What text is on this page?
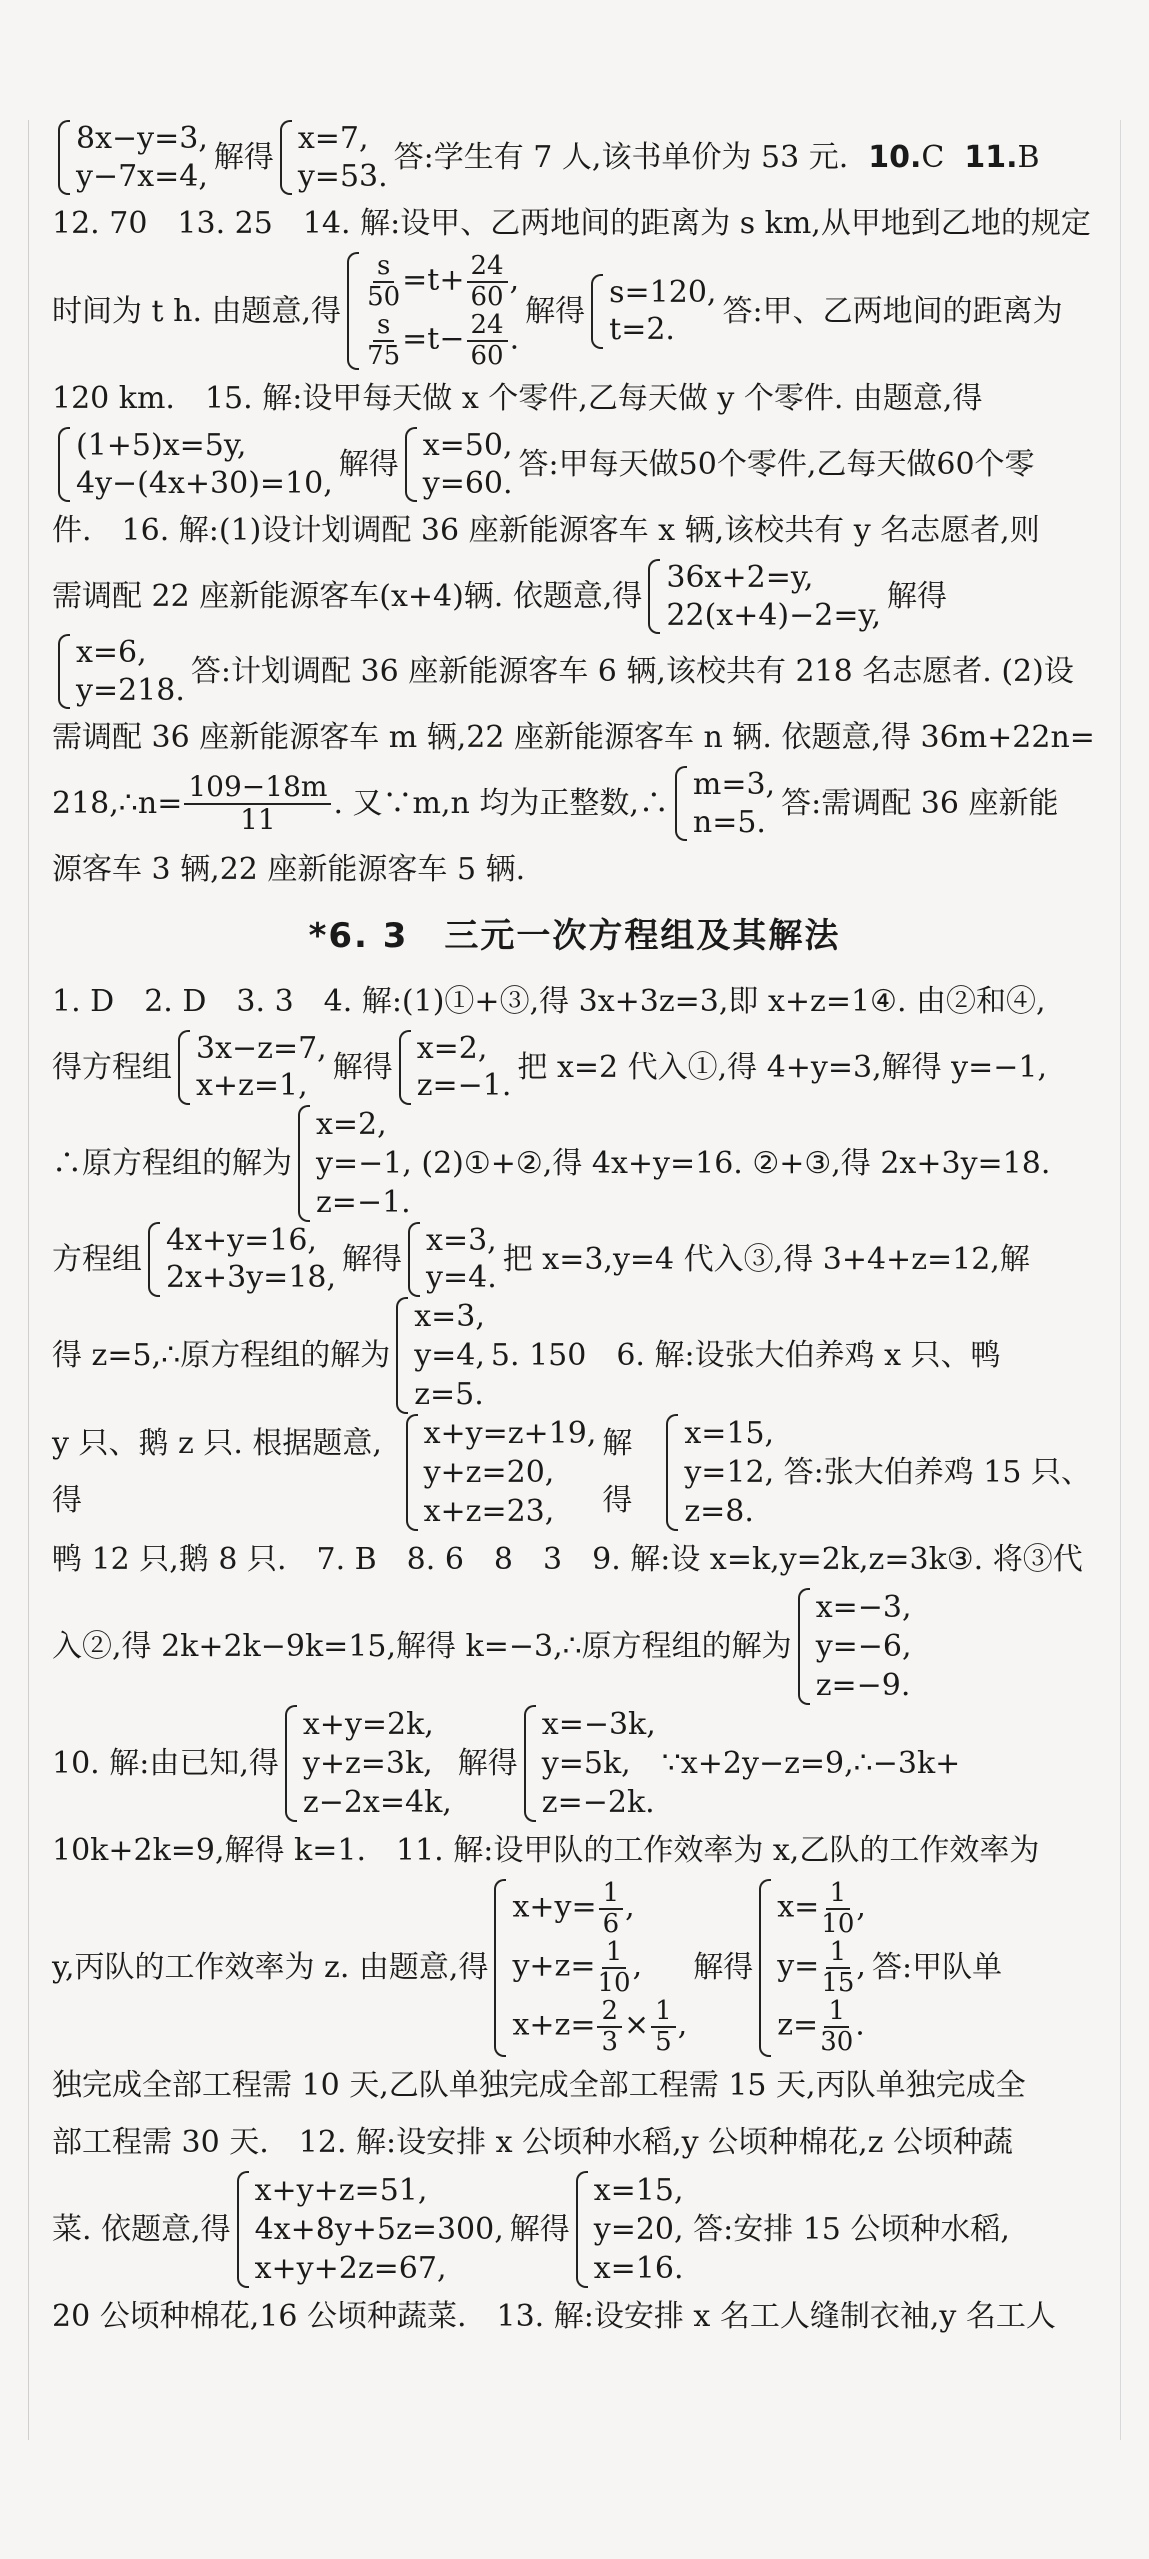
8x−y=3,
y−7x=4,
解得
x=7,
y=53.
答:学生有 7 人,该书单价为 53 元. 10. C 11. B

12. 70　13. 25　14. 解:设甲、乙两地间的距离为 s km,从甲地到乙地的规定

时间为 t h. 由题意,得 $\frac{s}{50} =t+ \frac{24}{60}$ ,
$\frac{s}{75} =t- \frac{24}{60}$ .
解得
s=120,
t=2.
答:甲、乙两地间的距离为

120 km.　15. 解:设甲每天做 x 个零件,乙每天做 y 个零件. 由题意,得

(1+5)x=5y,
4y−(4x+30)=10,
解得
x=50,
y=60.
答:甲每天做50个零件,乙每天做60个零

件.　16. 解:(1)设计划调配 36 座新能源客车 x 辆,该校共有 y 名志愿者,则

需调配 22 座新能源客车(x+4)辆. 依题意,得
36x+2=y,
22(x+4)−2=y,
解得
x=6,
y=218.
答:计划调配 36 座新能源客车 6 辆,该校共有 218 名志愿者. (2)设

需调配 36 座新能源客车 m 辆,22 座新能源客车 n 辆. 依题意,得 36m+22n=

218,∴n= $\frac{109-18m}{11}$ . 又∵m,n 均为正整数,∴
m=3,
n=5.
答:需调配 36 座新能

源客车 3 辆,22 座新能源客车 5 辆.

*6. 3　三元一次方程组及其解法

1. D　2. D　3. 3　4. 解:(1)①+③,得 3x+3z=3,即 x+z=1④. 由②和④,

得方程组
3x−z=7,
x+z=1,
解得
x=2,
z=−1.
把 x=2 代入①,得 4+y=3,解得 y=−1,
∴原方程组的解为
x=2,
y=−1, (2)①+②,得 4x+y=16. ②+③,得 2x+3y=18.
z=−1.
方程组
4x+y=16,
2x+3y=18,
解得
x=3,
y=4.
把 x=3,y=4 代入③,得 3+4+z=12,解
得 z=5,∴原方程组的解为
x=3,
y=4,
z=5.
5. 150　6. 解:设张大伯养鸡 x 只、鸭
y 只、鹅 z 只. 根据题意,得
x+y=z+19,
y+z=20,
x+z=23,
解得
x=15,
y=12, 答:张大伯养鸡 15 只、
z=8.

鸭 12 只,鹅 8 只.　7. B　8. 6　8　3　9. 解:设 x=k,y=2k,z=3k③. 将③代

入②,得 2k+2k−9k=15,解得 k=−3,∴原方程组的解为
x=−3,
y=−6,
z=−9.
10. 解:由已知,得
x+y=2k,
y+z=3k,
z−2x=4k,
解得
x=−3k,
y=5k,
z=−2k.
∵x+2y−z=9,∴−3k+

10k+2k=9,解得 k=1.　11. 解:设甲队的工作效率为 x,乙队的工作效率为

y,丙队的工作效率为 z. 由题意,得
$x+y= \frac{1}{6}$ ,
$y+z= \frac{1}{10}$ ,
$x+z= \frac{2}{3} \times \frac{1}{5}$ ,
解得
$x= \frac{1}{10}$ ,
$y= \frac{1}{15}$ ,
$z= \frac{1}{30}$ .
答:甲队单

独完成全部工程需 10 天,乙队单独完成全部工程需 15 天,丙队单独完成全

部工程需 30 天.　12. 解:设安排 x 公顷种水稻,y 公顷种棉花,z 公顷种蔬

菜. 依题意,得
x+y+z=51,
4x+8y+5z=300,
x+y+2z=67,
解得
x=15,
y=20, 答:安排 15 公顷种水稻,
x=16.

20 公顷种棉花,16 公顷种蔬菜.　13. 解:设安排 x 名工人缝制衣袖,y 名工人
